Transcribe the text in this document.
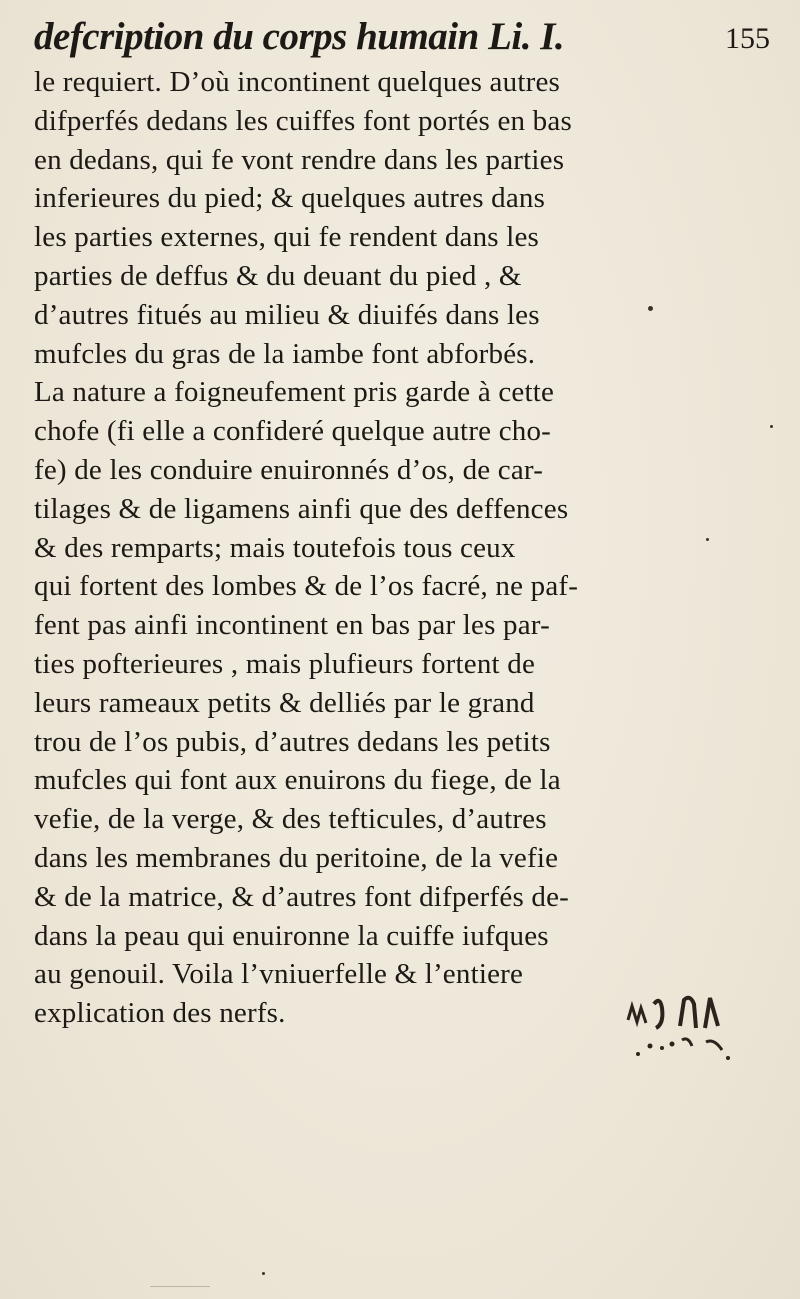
defcription du corps humain Li. I.	155
le requiert. D’où incontinent quelques autres
difperfés dedans les cuiffes font portés en bas
en dedans, qui fe vont rendre dans les parties
inferieures du pied; & quelques autres dans
les parties externes, qui fe rendent dans les
parties de deffus & du deuant du pied , &
d’autres fitués au milieu & diuifés dans les
mufcles du gras de la iambe font abforbés.
La nature a foigneufement pris garde à cette
chofe (fi elle a confideré quelque autre cho-
fe) de les conduire enuironnés d’os, de car-
tilages & de ligamens ainfi que des deffences
& des remparts; mais toutefois tous ceux
qui fortent des lombes & de l’os facré, ne paf-
fent pas ainfi incontinent en bas par les par-
ties pofterieures , mais plufieurs fortent de
leurs rameaux petits & delliés par le grand
trou de l’os pubis, d’autres dedans les petits
mufcles qui font aux enuirons du fiege, de la
vefie, de la verge, & des tefticules, d’autres
dans les membranes du peritoine, de la vefie
& de la matrice, & d’autres font difperfés de-
dans la peau qui enuironne la cuiffe iufques
au genouil. Voila l’vniuerfelle & l’entiere
explication des nerfs.
